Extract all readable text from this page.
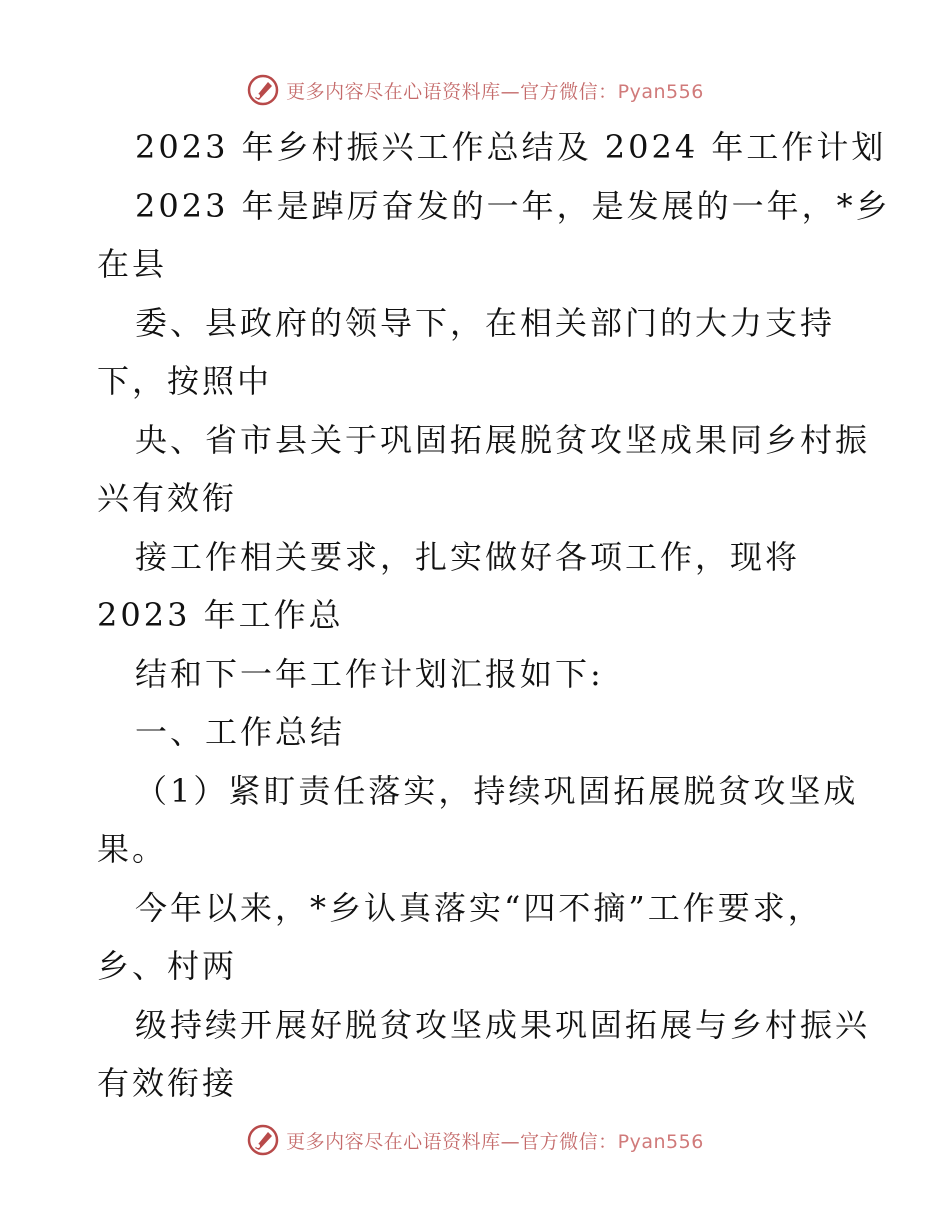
更多内容尽在心语资料库—官方微信：Pyan556
2023 年乡村振兴工作总结及 2024 年工作计划
2023 年是踔厉奋发的一年，是发展的一年，*乡
在县
委、县政府的领导下，在相关部门的大力支持
下，按照中
央、省市县关于巩固拓展脱贫攻坚成果同乡村振
兴有效衔
接工作相关要求，扎实做好各项工作，现将
2023 年工作总
结和下一年工作计划汇报如下:
一、工作总结
（1）紧盯责任落实，持续巩固拓展脱贫攻坚成
果。
今年以来，*乡认真落实“四不摘”工作要求，
乡、村两
级持续开展好脱贫攻坚成果巩固拓展与乡村振兴
有效衔接
更多内容尽在心语资料库—官方微信：Pyan556
